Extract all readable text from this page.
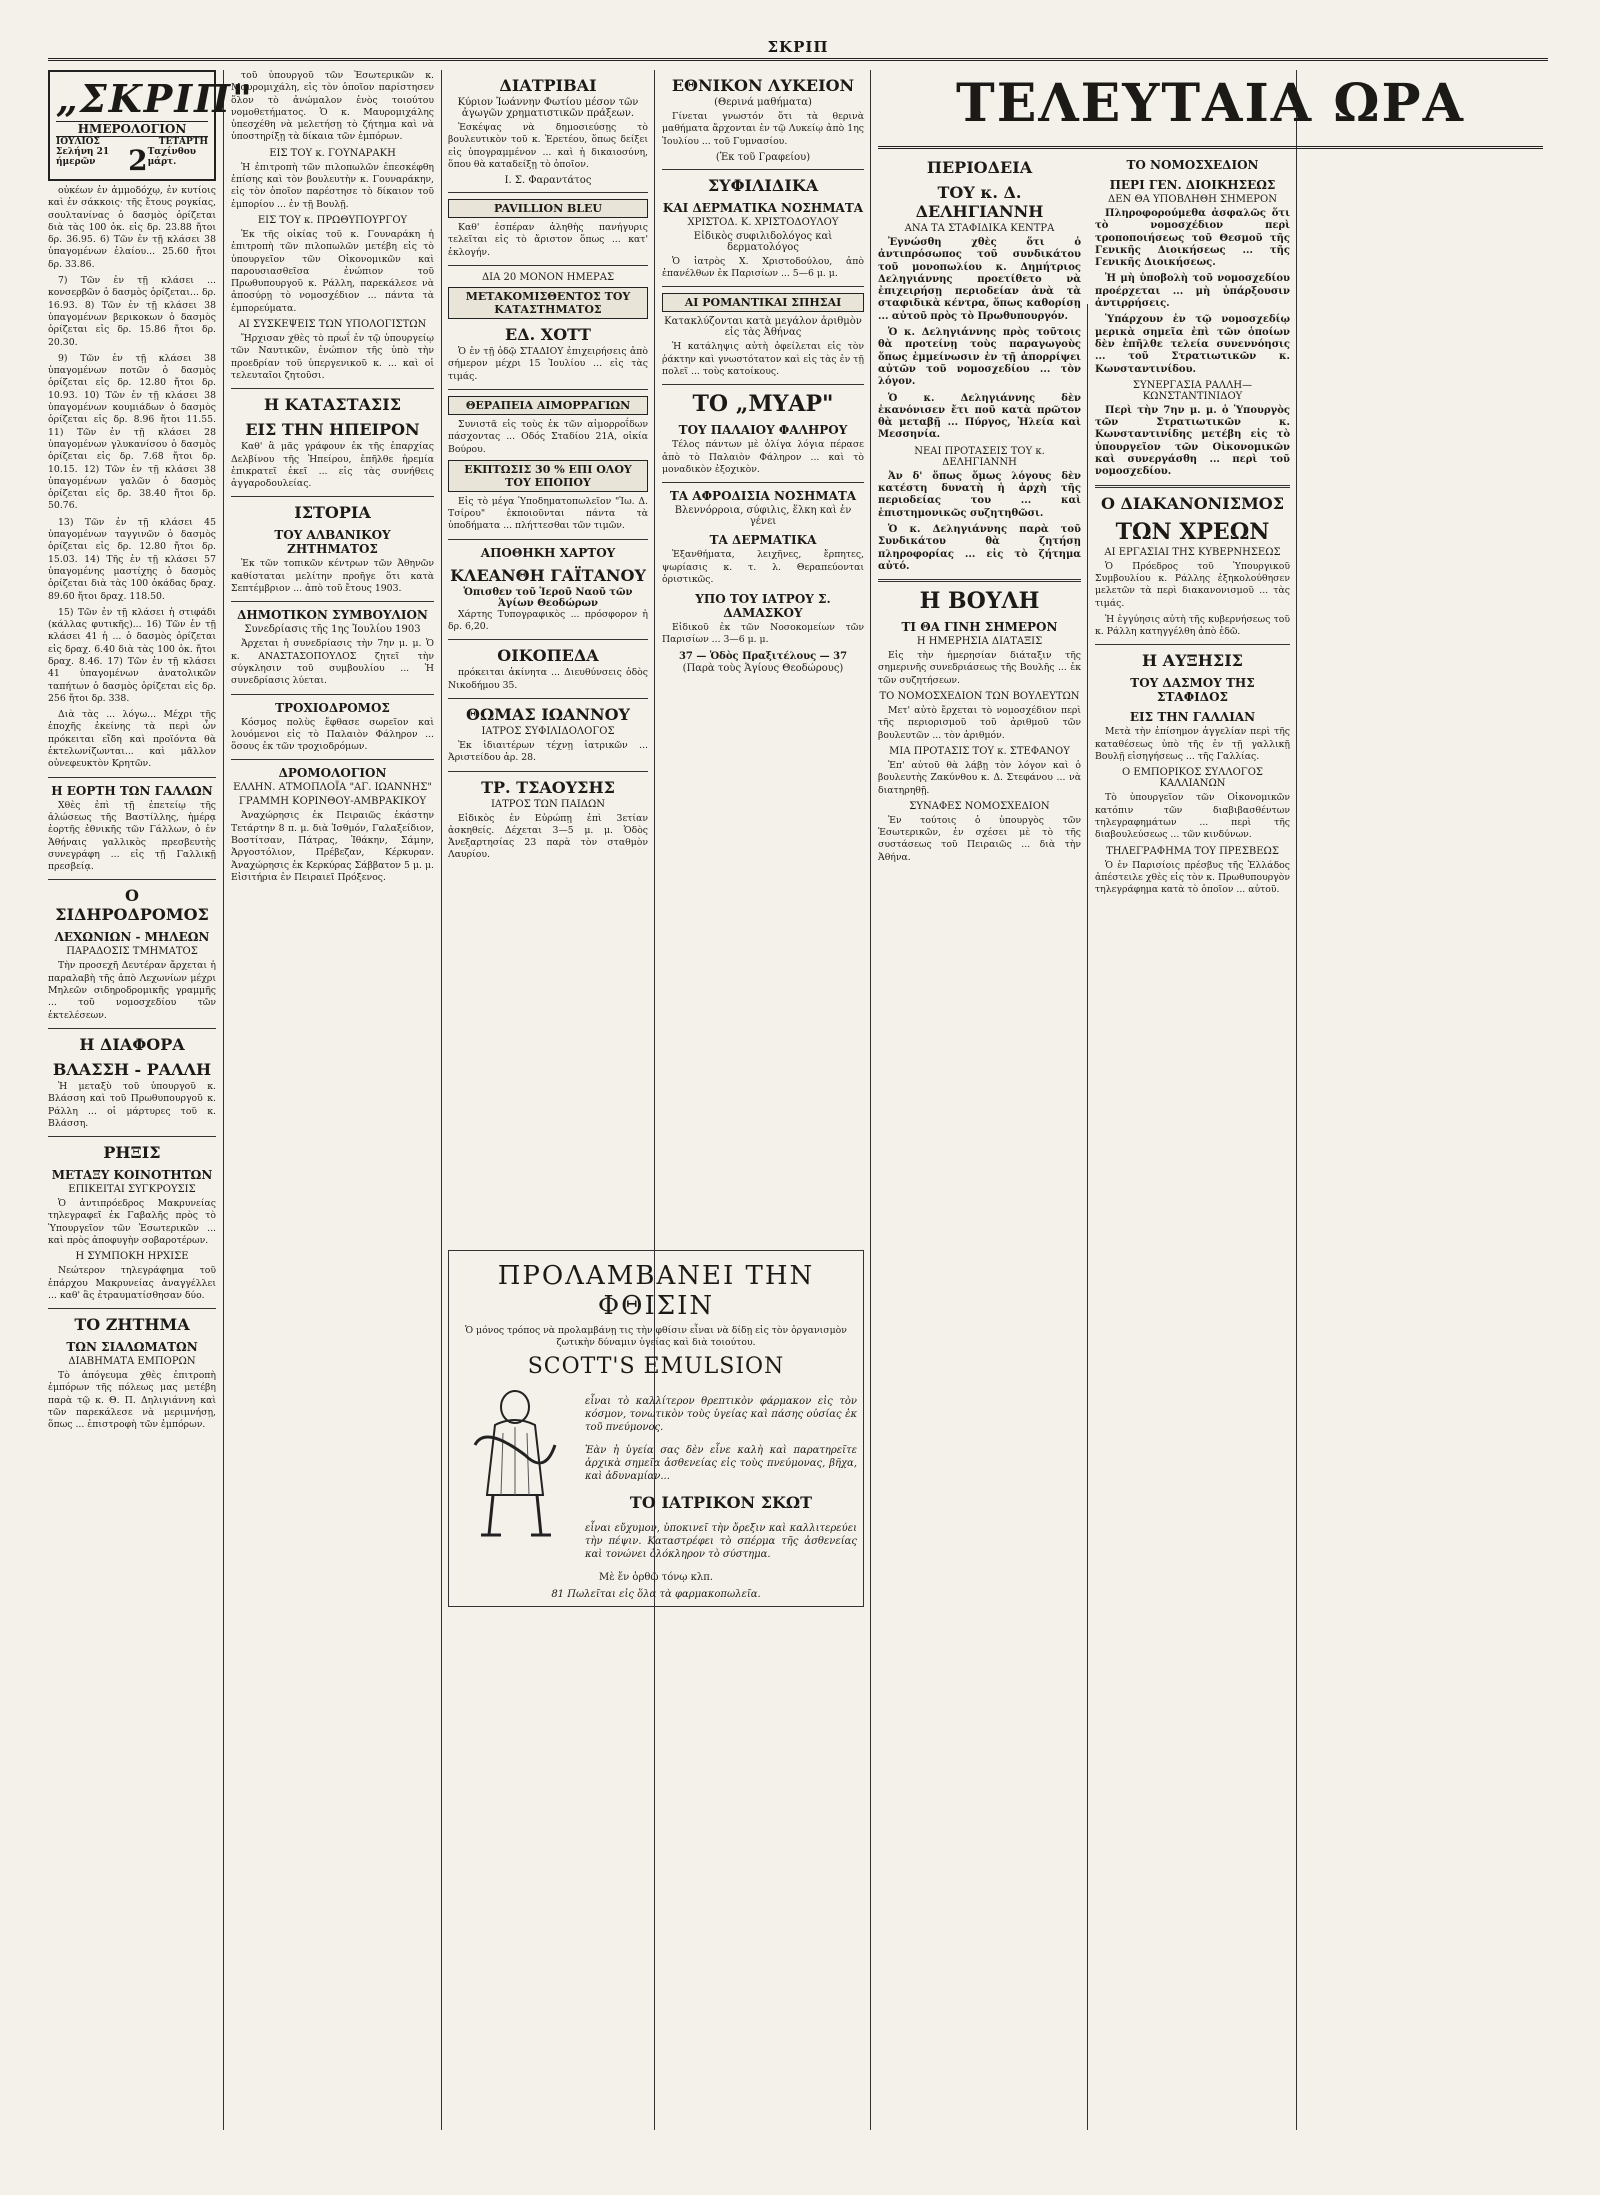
ΣΚΡΙΠ
„ΣΚΡΙΠ"
ΗΜΕΡΟΛΟΓΙΟΝ
ΙΟΥΛΙΟΣ	ΤΕΤΑΡΤΗ
Σελήνη 21 ήμερῶν	2 Ταχίνθου μάρτ.

οὐκέων ἐν ἀμμοδόχῳ, ἐν κυτίοις καὶ ἐν σάκκοις· τῆς ἔτους ρογκίας, σουλτανίνας ὁ δασμὸς ὁρίζεται διὰ τὰς 100 ὀκ. εἰς δρ. 23.88 ἤτοι δρ. 36.95. 6) Τῶν ἐν τῇ κλάσει 38 ὑπαγομένων ἐλαίου... 25.60 ἤτοι δρ. 33.86.

7) Τῶν ἐν τῇ κλάσει ... κονσερβῶν ὁ δασμὸς ὁρίζεται... δρ. 16.93. 8) Τῶν ἐν τῇ κλάσει 38 ὑπαγομένων βερικοκων ὁ δασμὸς ὁρίζεται εἰς δρ. 15.86 ἤτοι δρ. 20.30.

9) Τῶν ἐν τῇ κλάσει 38 ὑπαγομένων ποτῶν ὁ δασμὸς ὁρίζεται εἰς δρ. 12.80 ἤτοι δρ. 10.93. 10) Τῶν ἐν τῇ κλάσει 38 ὑπαγομένων κουμιάδων ὁ δασμὸς ὁρίζεται εἰς δρ. 8.96 ἤτοι 11.55. 11) Τῶν ἐν τῇ κλάσει 28 ὑπαγομένων γλυκανίσου ὁ δασμὸς ὁρίζεται εἰς δρ. 7.68 ἤτοι δρ. 10.15. 12) Τῶν ἐν τῇ κλάσει 38 ὑπαγομένων γαλῶν ὁ δασμὸς ὁρίζεται εἰς δρ. 38.40 ἤτοι δρ. 50.76.

13) Τῶν ἐν τῇ κλάσει 45 ὑπαγομένων ταγγινῶν ὁ δασμὸς ὁρίζεται εἰς δρ. 12.80 ἤτοι δρ. 15.03. 14) Τῆς ἐν τῇ κλάσει 57 ὑπαγομένης μαστίχης ὁ δασμὸς ὁρίζεται διὰ τὰς 100 ὀκάδας δραχ. 89.60 ἤτοι δραχ. 118.50.

15) Τῶν ἐν τῇ κλάσει ἡ στιφάδι (κάλλας φυτικῆς)... 16) Τῶν ἐν τῇ κλάσει 41 ἡ ... ὁ δασμὸς ὁρίζεται εἰς δραχ. 6.40 διὰ τὰς 100 ὀκ. ἤτοι δραχ. 8.46. 17) Τῶν ἐν τῇ κλάσει 41 ὑπαγομένων ἀνατολικῶν ταπήτων ὁ δασμὸς ὁρίζεται εἰς δρ. 256 ἤτοι δρ. 338.

Διὰ τὰς ... λόγω... Μέχρι τῆς ἐποχῆς ἐκείνης τὰ περὶ ὧν πρόκειται εἴδη καὶ προϊόντα θὰ ἐκτελωνίζωνται... καὶ μᾶλλον οὐνεφευκτὸν Κρητῶν.

Η ΕΟΡΤΗ ΤΩΝ ΓΑΛΛΩΝ

Χθὲς ἐπὶ τῇ ἐπετείῳ τῆς ἁλώσεως τῆς Βαστίλλης, ἡμέρᾳ ἑορτῆς ἐθνικῆς τῶν Γάλλων, ὁ ἐν Ἀθήναις γαλλικὸς πρεσβευτὴς συνεγράφη ... εἰς τῇ Γαλλικῇ πρεσβείᾳ.

Ο ΣΙΔΗΡΟΔΡΟΜΟΣ
ΛΕΧΩΝΙΩΝ - ΜΗΛΕΩΝ
ΠΑΡΑΔΟΣΙΣ ΤΜΗΜΑΤΟΣ

Τὴν προσεχῆ Δευτέραν ἄρχεται ἡ παραλαβὴ τῆς ἀπὸ Λεχωνίων μέχρι Μηλεῶν σιδηροδρομικῆς γραμμῆς ... τοῦ νομοσχεδίου τῶν ἐκτελέσεων.

Η ΔΙΑΦΟΡΑ
ΒΛΑΣΣΗ - ΡΑΛΛΗ

Ἡ μεταξὺ τοῦ ὑπουργοῦ κ. Βλάσση καὶ τοῦ Πρωθυπουργοῦ κ. Ράλλη ... οἱ μάρτυρες τοῦ κ. Βλάσση.

ΡΗΞΙΣ
ΜΕΤΑΞΥ ΚΟΙΝΟΤΗΤΩΝ
ΕΠΙΚΕΙΤΑΙ ΣΥΓΚΡΟΥΣΙΣ

Ὁ ἀντιπρόεδρος Μακρυνείας τηλεγραφεῖ ἐκ Γαβαλῆς πρὸς τὸ Ὑπουργεῖον τῶν Ἐσωτερικῶν ... καὶ πρὸς ἀποφυγὴν σοβαροτέρων.

Η ΣΥΜΠΟΚΗ ΗΡΧΙΣΕ

Νεώτερον τηλεγράφημα τοῦ ἐπάρχου Μακρυνείας ἀναγγέλλει ... καθ' ἃς ἐτραυματίσθησαν δύο.

ΤΟ ΖΗΤΗΜΑ
ΤΩΝ ΣΙΑΛΩΜΑΤΩΝ
ΔΙΑΒΗΜΑΤΑ ΕΜΠΟΡΩΝ

Τὸ ἀπόγευμα χθὲς ἐπιτροπὴ ἐμπόρων τῆς πόλεως μας μετέβη παρὰ τῷ κ. Θ. Π. Δηλιγιάννη καὶ τῶν παρεκάλεσε νὰ μεριμνήσῃ, ὅπως ... ἐπιστροφὴ τῶν ἐμπόρων.

τοῦ ὑπουργοῦ τῶν Ἐσωτερικῶν κ. Μαυρομιχάλη, εἰς τὸν ὁποῖον παρίστησεν ὅλον τὸ ἀνώμαλον ἑνὸς τοιούτου νομοθετήματος. Ὁ κ. Μαυρομιχάλης ὑπεσχέθη νὰ μελετήσῃ τὸ ζήτημα καὶ νὰ ὑποστηρίξῃ τὰ δίκαια τῶν ἐμπόρων.

ΕΙΣ ΤΟΥ κ. ΓΟΥΝΑΡΑΚΗ

Ἡ ἐπιτροπὴ τῶν πιλοπωλῶν ἐπεσκέφθη ἐπίσης καὶ τὸν βουλευτὴν κ. Γουναράκην, εἰς τὸν ὁποῖον παρέστησε τὸ δίκαιον τοῦ ἐμπορίου ... ἐν τῇ Βουλῇ.

ΕΙΣ ΤΟΥ κ. ΠΡΩΘΥΠΟΥΡΓΟΥ

Ἐκ τῆς οἰκίας τοῦ κ. Γουναράκη ἡ ἐπιτροπὴ τῶν πιλοπωλῶν μετέβη εἰς τὸ ὑπουργεῖον τῶν Οἰκονομικῶν καὶ παρουσιασθεῖσα ἐνώπιον τοῦ Πρωθυπουργοῦ κ. Ράλλη, παρεκάλεσε νὰ ἀποσύρῃ τὸ νομοσχέδιον ... πάντα τὰ ἐμπορεύματα.

ΑΙ ΣΥΣΚΕΨΕΙΣ ΤΩΝ ΥΠΟΛΟΓΙΣΤΩΝ

Ἤρχισαν χθὲς τὸ πρωΐ ἐν τῷ ὑπουργείῳ τῶν Ναυτικῶν, ἐνώπιον τῆς ὑπὸ τὴν προεδρίαν τοῦ ὑπεργενικοῦ κ. ... καὶ οἱ τελευταῖοι ζητοῦσι.

Η ΚΑΤΑΣΤΑΣΙΣ
ΕΙΣ ΤΗΝ ΗΠΕΙΡΟΝ

Καθ' ἃ μᾶς γράφουν ἐκ τῆς ἐπαρχίας Δελβίνου τῆς Ἠπείρου, ἐπῆλθε ἠρεμία ἐπικρατεῖ ἐκεῖ ... εἰς τὰς συνήθεις ἀγγαροδουλείας.

ΙΣΤΟΡΙΑ
ΤΟΥ ΑΛΒΑΝΙΚΟΥ ΖΗΤΗΜΑΤΟΣ

Ἐκ τῶν τοπικῶν κέντρων τῶν Ἀθηνῶν καθίσταται μελίτην προῆγε ὅτι κατὰ Σεπτέμβριον ... ἀπὸ τοῦ ἔτους 1903.

ΔΗΜΟΤΙΚΟΝ ΣΥΜΒΟΥΛΙΟΝ
Συνεδρίασις τῆς 1ης Ἰουλίου 1903

Ἀρχεται ἡ συνεδρίασις τὴν 7ην μ. μ. Ὁ κ. ΑΝΑΣΤΑΣΟΠΟΥΛΟΣ ζητεῖ τὴν σύγκλησιν τοῦ συμβουλίου ... Ἡ συνεδρίασις λύεται.

ΤΡΟΧΙΟΔΡΟΜΟΣ

Κόσμος πολὺς ἔφθασε σωρεῖον καὶ λουόμενοι εἰς τὸ Παλαιὸν Φάληρον ... ὅσους ἐκ τῶν τροχιοδρόμων.

ΔΡΟΜΟΛΟΓΙΟΝ
ΕΛΛΗΝ. ΑΤΜΟΠΛΟΪΑ "ΑΓ. ΙΩΑΝΝΗΣ"
ΓΡΑΜΜΗ ΚΟΡΙΝΘΟΥ-ΑΜΒΡΑΚΙΚΟΥ

Ἀναχώρησις ἐκ Πειραιῶς ἑκάστην Τετάρτην 8 π. μ. διὰ Ἰσθμόν, Γαλαξείδιον, Βοστίτσαν, Πάτρας, Ἰθάκην, Σάμην, Ἀργοστόλιον, Πρέβεζαν, Κέρκυραν. Ἀναχώρησις ἐκ Κερκύρας Σάββατον 5 μ. μ. Εἰσιτήρια ἐν Πειραιεῖ Πρόξενος.

ΔΙΑΤΡΙΒΑΙ
Κύριον Ἰωάννην Φωτίου μέσον τῶν ἀγωγῶν χρηματιστικῶν πράξεων.

Ἐσκέψας νὰ δημοσιεύσῃς τὸ βουλευτικὸν τοῦ κ. Ἐρετέου, ὅπως δείξει εἰς ὑπογραμμένον ... καὶ ἡ δικαιοσύνη, ὅπου θὰ καταδείξῃ τὸ ὁποῖον.

Ι. Σ. Φαραντάτος
PAVILLION BLEU

Καθ' ἑσπέραν ἀληθὴς πανήγυρις τελεῖται εἰς τὸ ἄριστον ὅπως ... κατ' ἐκλογήν.

ΔΙΑ 20 ΜΟΝΟΝ ΗΜΕΡΑΣ
ΜΕΤΑΚΟΜΙΣΘΕΝΤΟΣ ΤΟΥ ΚΑΤΑΣΤΗΜΑΤΟΣ
ΕΔ. ΧΟΤΤ

Ὁ ἐν τῇ ὁδῷ ΣΤΑΔΙΟΥ ἐπιχειρήσεις ἀπὸ σήμερον μέχρι 15 Ἰουλίου ... εἰς τὰς τιμάς.

ΘΕΡΑΠΕΙΑ ΑΙΜΟΡΡΑΓΙΩΝ

Συνιστᾶ εἰς τοὺς ἐκ τῶν αἰμορροΐδων πάσχοντας ... Οδός Σταδίου 21Α, οἰκία Βούρου.

ΕΚΠΤΩΣΙΣ 30 % ΕΠΙ ΟΛΟΥ ΤΟΥ ΕΠΟΠΟΥ

Εἰς τὸ μέγα Ὑποδηματοπωλεῖον "Ἰω. Δ. Τσίρου" ἐκποιοῦνται πάντα τὰ ὑποδήματα ... πλήττεσθαι τῶν τιμῶν.

ΑΠΟΘΗΚΗ ΧΑΡΤΟΥ
ΚΛΕΑΝΘΗ ΓΑΪΤΑΝΟΥ
Ὁπισθεν τοῦ Ἱεροῦ Ναοῦ τῶν Ἁγίων Θεοδώρων

Χάρτης Τυπογραφικὸς ... πρόσφορον ἡ δρ. 6,20.

ΟΙΚΟΠΕΔΑ

πρόκειται ἀκίνητα ... Διευθύνσεις ὁδὸς Νικοδήμου 35.

ΘΩΜΑΣ ΙΩΑΝΝΟΥ
ΙΑΤΡΟΣ ΣΥΦΙΛΙΔΟΛΟΓΟΣ

Ἐκ ἰδιαιτέρων τέχνῃ ἰατρικῶν ... Ἀριστείδου ἀρ. 28.

ΤΡ. ΤΣΑΟΥΣΗΣ
ΙΑΤΡΟΣ ΤΩΝ ΠΑΙΔΩΝ

Εἰδικὸς ἐν Εὐρώπῃ ἐπὶ 3ετίαν ἀσκηθείς. Δέχεται 3—5 μ. μ. Ὁδὸς Ἀνεξαρτησίας 23 παρὰ τὸν σταθμὸν Λαυρίου.

ΕΘΝΙΚΟΝ ΛΥΚΕΙΟΝ
(Θερινά μαθήματα)

Γίνεται γνωστόν ὅτι τὰ θερινὰ μαθήματα ἄρχονται ἐν τῷ Λυκείῳ ἀπὸ 1ης Ἰουλίου ... τοῦ Γυμνασίου.

(Ἐκ τοῦ Γραφείου)
ΣΥΦΙΛΙΔΙΚΑ
ΚΑΙ ΔΕΡΜΑΤΙΚΑ ΝΟΣΗΜΑΤΑ
ΧΡΙΣΤΟΔ. Κ. ΧΡΙΣΤΟΔΟΥΛΟΥ
Εἰδικὸς συφιλιδολόγος καὶ δερματολόγος

Ὁ ἰατρὸς Χ. Χριστοδούλου, ἀπὸ ἐπανέλθων ἐκ Παρισίων ... 5—6 μ. μ.

ΑΙ ΡΟΜΑΝΤΙΚΑΙ ΣΠΗΣΑΙ
Κατακλύζονται κατὰ μεγάλον ἀριθμὸν εἰς τὰς Ἀθήνας

Ἡ κατάληψις αὐτὴ ὀφείλεται εἰς τὸν ῥάκτην καὶ γνωστότατον καὶ εἰς τὰς ἐν τῇ πολεῖ ... τοὺς κατοίκους.

ΤΟ „ΜΥΑΡ"
ΤΟΥ ΠΑΛΑΙΟΥ ΦΑΛΗΡΟΥ

Τέλος πάντων μὲ ὀλίγα λόγια πέρασε ἀπὸ τὸ Παλαιὸν Φάληρον ... καὶ τὸ μοναδικὸν ἐξοχικὸν.

ΤΑ ΑΦΡΟΔΙΣΙΑ ΝΟΣΗΜΑΤΑ
Βλεννόρροια, σύφιλις, ἕλκη καὶ ἐν γένει
ΤΑ ΔΕΡΜΑΤΙΚΑ

Ἑξανθήματα, λειχῆνες, ἔρπητες, ψωρίασις κ. τ. λ. Θεραπεύονται ὁριστικῶς.

ΥΠΟ ΤΟΥ ΙΑΤΡΟΥ Σ. ΔΑΜΑΣΚΟΥ

Εἰδικοῦ ἐκ τῶν Νοσοκομείων τῶν Παρισίων ... 3—6 μ. μ.

37 — Ὁδὸς Πραξιτέλους — 37
(Παρὰ τοὺς Ἁγίους Θεοδώρους)
ΠΡΟΛΑΜΒΑΝΕΙ ΤΗΝ ΦΘΙΣΙΝ

Ὁ μόνος τρόπος νὰ προλαμβάνῃ τις τὴν φθίσιν εἶναι νὰ δίδῃ εἰς τὸν ὀργανισμὸν ζωτικὴν δύναμιν ὑγείας καὶ διὰ τοιούτου.

SCOTT'S EMULSION

εἶναι τὸ καλλίτερον θρεπτικὸν φάρμακον εἰς τὸν κόσμον, τονωτικὸν τοὺς ὑγείας καὶ πάσης οὐσίας ἐκ τοῦ πνεύμονος.

Ἐὰν ἡ ὑγεία σας δὲν εἶνε καλὴ καὶ παρατηρεῖτε ἀρχικὰ σημεῖα ἀσθενείας εἰς τοὺς πνεύμονας, βῆχα, καὶ ἀδυναμίαν...

ΤΟ ΙΑΤΡΙΚΟΝ ΣΚΩΤ

εἶναι εὔχυμον, ὑποκινεῖ τὴν ὄρεξιν καὶ καλλιτερεύει τὴν πέψιν. Καταστρέφει τὸ σπέρμα τῆς ἀσθενείας καὶ τονώνει ὁλόκληρον τὸ σύστημα.

Μὲ ἔν ὀρθῷ τόνῳ κλπ.
81 Πωλεῖται εἰς ὅλα τὰ φαρμακοπωλεῖα.
ΤΕΛΕΥΤΑΙΑ ΩΡΑ
ΠΕΡΙΟΔΕΙΑ
ΤΟΥ κ. Δ. ΔΕΛΗΓΙΑΝΝΗ
ΑΝΑ ΤΑ ΣΤΑΦΙΔΙΚΑ ΚΕΝΤΡΑ

Ἐγνώσθη χθὲς ὅτι ὁ ἀντιπρόσωπος τοῦ συνδικάτου τοῦ μονοπωλίου κ. Δημήτριος Δεληγιάννης προετίθετο νὰ ἐπιχειρήσῃ περιοδείαν ἀνὰ τὰ σταφιδικὰ κέντρα, ὅπως καθορίσῃ ... αὐτοῦ πρὸς τὸ Πρωθυπουργόν.

Ὁ κ. Δεληγιάννης πρὸς τοῦτοις θὰ προτείνῃ τοὺς παραγωγοὺς ὅπως ἐμμείνωσιν ἐν τῇ ἀπορρίψει αὐτῶν τοῦ νομοσχεδίου ... τὸν λόγον.

Ὁ κ. Δεληγιάννης δὲν ἐκανόνισεν ἔτι ποῦ κατὰ πρῶτον θὰ μεταβῇ ... Πύργος, Ἠλεία καὶ Μεσσηνία.

ΝΕΑΙ ΠΡΟΤΑΣΕΙΣ ΤΟΥ κ. ΔΕΛΗΓΙΑΝΝΗ

Ἀν δ' ὅπως ὅμως λόγους δὲν κατέστη δυνατὴ ἡ ἀρχὴ τῆς περιοδείας του ... καὶ ἐπιστημονικῶς συζητηθῶσι.

Ὁ κ. Δεληγιάννης παρὰ τοῦ Συνδικάτου θὰ ζητήσῃ πληροφορίας ... εἰς τὸ ζήτημα αὐτό.

Η ΒΟΥΛΗ
ΤΙ ΘΑ ΓΙΝΗ ΣΗΜΕΡΟΝ
Η ΗΜΕΡΗΣΙΑ ΔΙΑΤΑΞΙΣ

Εἰς τὴν ἡμερησίαν διάταξιν τῆς σημερινῆς συνεδριάσεως τῆς Βουλῆς ... ἐκ τῶν συζητήσεων.

ΤΟ ΝΟΜΟΣΧΕΔΙΟΝ ΤΩΝ ΒΟΥΛΕΥΤΩΝ

Μετ' αὐτὸ ἔρχεται τὸ νομοσχέδιον περὶ τῆς περιορισμοῦ τοῦ ἀριθμοῦ τῶν βουλευτῶν ... τὸν ἀριθμόν.

ΜΙΑ ΠΡΟΤΑΣΙΣ ΤΟΥ κ. ΣΤΕΦΑΝΟΥ

Ἐπ' αὐτοῦ θὰ λάβῃ τὸν λόγον καὶ ὁ βουλευτὴς Ζακύνθου κ. Δ. Στεφάνου ... νὰ διατηρηθῇ.

ΣΥΝΑΦΕΣ ΝΟΜΟΣΧΕΔΙΟΝ

Ἐν τούτοις ὁ ὑπουργὸς τῶν Ἐσωτερικῶν, ἐν σχέσει μὲ τὸ τῆς συστάσεως τοῦ Πειραιῶς ... διὰ τὴν Ἀθήνα.

ΤΟ ΝΟΜΟΣΧΕΔΙΟΝ
ΠΕΡΙ ΓΕΝ. ΔΙΟΙΚΗΣΕΩΣ
ΔΕΝ ΘΑ ΥΠΟΒΛΗΘΗ ΣΗΜΕΡΟΝ

Πληροφορούμεθα ἀσφαλῶς ὅτι τὸ νομοσχέδιον περὶ τροποποιήσεως τοῦ Θεσμοῦ τῆς Γενικῆς Διοικήσεως ... τῆς Γενικῆς Διοικήσεως.

Ἡ μὴ ὑποβολὴ τοῦ νομοσχεδίου προέρχεται ... μὴ ὑπάρξουσιν ἀντιρρήσεις.

Ὑπάρχουν ἐν τῷ νομοσχεδίῳ μερικὰ σημεῖα ἐπὶ τῶν ὁποίων δὲν ἐπῆλθε τελεία συνεννόησις ... τοῦ Στρατιωτικῶν κ. Κωνσταντινίδου.

ΣΥΝΕΡΓΑΣΙΑ ΡΑΛΛΗ—ΚΩΝΣΤΑΝΤΙΝΙΔΟΥ

Περὶ τὴν 7ην μ. μ. ὁ Ὑπουργὸς τῶν Στρατιωτικῶν κ. Κωνσταντινίδης μετέβη εἰς τὸ ὑπουργεῖον τῶν Οἰκονομικῶν καὶ συνεργάσθη ... περὶ τοῦ νομοσχεδίου.

Ο ΔΙΑΚΑΝΟΝΙΣΜΟΣ
ΤΩΝ ΧΡΕΩΝ
ΑΙ ΕΡΓΑΣΙΑΙ ΤΗΣ ΚΥΒΕΡΝΗΣΕΩΣ

Ὁ Πρόεδρος τοῦ Ὑπουργικοῦ Συμβουλίου κ. Ράλλης ἐξηκολούθησεν μελετῶν τὰ περὶ διακανονισμοῦ ... τὰς τιμάς.

Ἡ ἐγγύησις αὐτὴ τῆς κυβερνήσεως τοῦ κ. Ράλλη κατηγγέλθη ἀπὸ ἐδῶ.

Η ΑΥΞΗΣΙΣ
ΤΟΥ ΔΑΣΜΟΥ ΤΗΣ ΣΤΑΦΙΔΟΣ
ΕΙΣ ΤΗΝ ΓΑΛΛΙΑΝ

Μετὰ τὴν ἐπίσημον ἀγγελίαν περὶ τῆς καταθέσεως ὑπὸ τῆς ἐν τῇ γαλλικῇ Βουλῇ εἰσηγήσεως ... τῆς Γαλλίας.

Ο ΕΜΠΟΡΙΚΟΣ ΣΥΛΛΟΓΟΣ ΚΑΛΛΙΑΝΩΝ

Τὸ ὑπουργεῖον τῶν Οἰκονομικῶν κατόπιν τῶν διαβιβασθέντων τηλεγραφημάτων ... περὶ τῆς διαβουλεύσεως ... τῶν κινδύνων.

ΤΗΛΕΓΡΑΦΗΜΑ ΤΟΥ ΠΡΕΣΒΕΩΣ

Ὁ ἐν Παρισίοις πρέσβυς τῆς Ἑλλάδος ἀπέστειλε χθὲς εἰς τὸν κ. Πρωθυπουργὸν τηλεγράφημα κατὰ τὸ ὁποῖον ... αὐτοῦ.
